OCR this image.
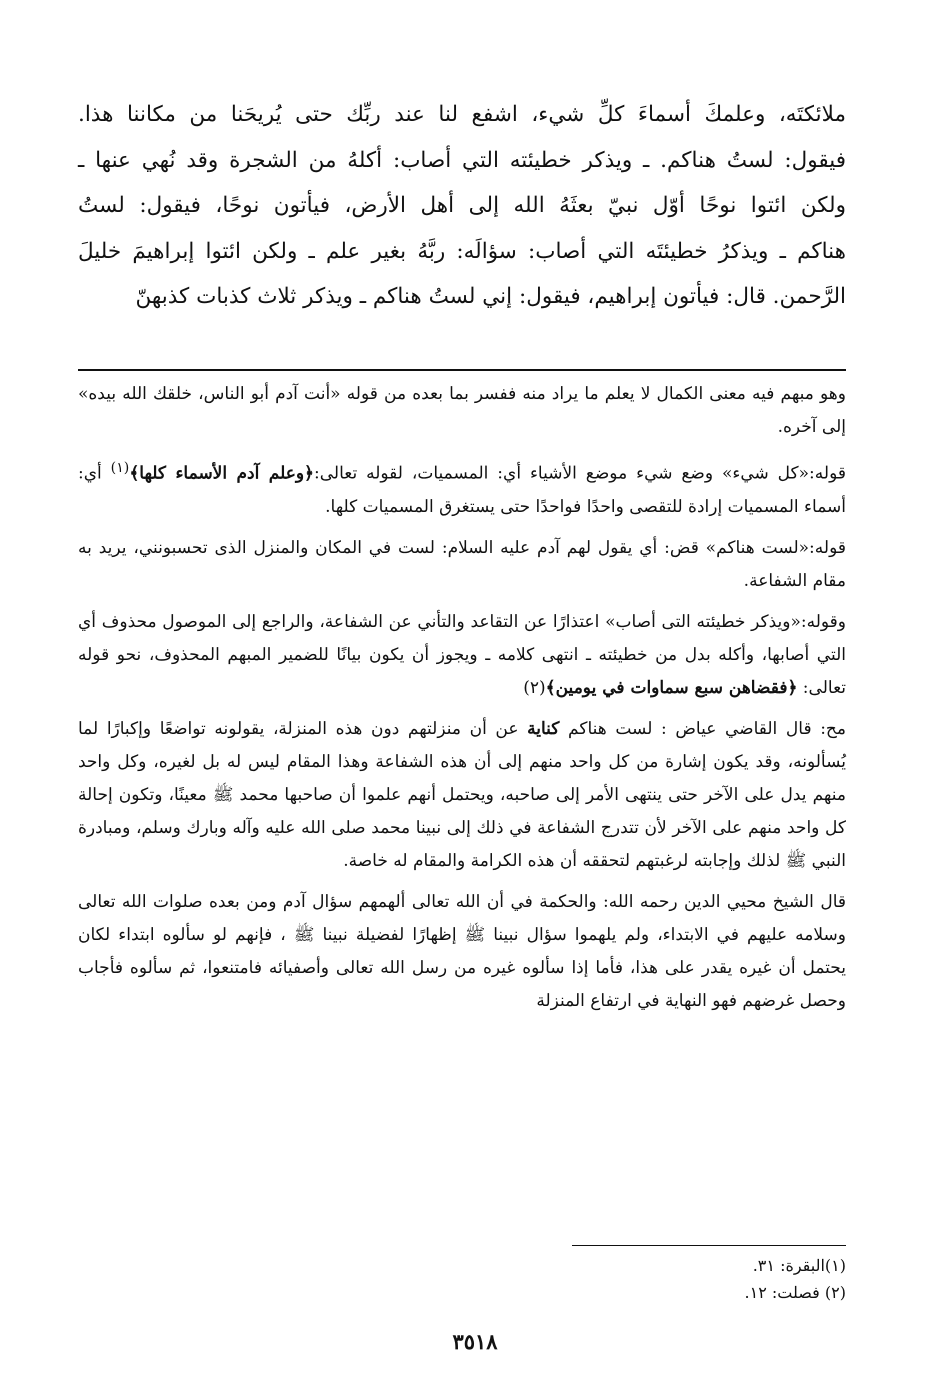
ملائكتَه، وعلمكَ أسماءَ كلِّ شيء، اشفع لنا عند ربِّك حتى يُريحَنا من مكاننا هذا.
فيقول: لستُ هناكم. ـ ويذكر خطيئته التي أصاب: أكلهُ من الشجرة وقد نُهي عنها ـ
ولكن ائتوا نوحًا أوّل نبيّ بعثَهُ الله إلى أهل الأرض، فيأتون نوحًا، فيقول: لستُ
هناكم ـ ويذكرُ خطيئتَه التي أصاب: سؤالَه: ربَّهُ بغير علم ـ ولكن ائتوا إبراهيمَ خليلَ
الرَّحمن. قال: فيأتون إبراهيم، فيقول: إني لستُ هناكم ـ ويذكر ثلاث كذبات كذبهنّ

وهو مبهم فيه معنى الكمال لا يعلم ما يراد منه ففسر بما بعده من قوله «أنت آدم أبو الناس، خلقك الله بيده» إلى آخره.

قوله:«كل شيء» وضع شيء موضع الأشياء أي: المسميات، لقوله تعالى:﴿وعلم آدم الأسماء كلها﴾$^{(١)}$ أي: أسماء المسميات إرادة للتقصى واحدًا فواحدًا حتى يستغرق المسميات كلها.

قوله:«لست هناكم» قض: أي يقول لهم آدم عليه السلام: لست في المكان والمنزل الذى تحسبونني، يريد به مقام الشفاعة.

وقوله:«ويذكر خطيئته التى أصاب» اعتذارًا عن التقاعد والتأني عن الشفاعة، والراجع إلى الموصول محذوف أي التي أصابها، وأكله بدل من خطيئته ـ انتهى كلامه ـ ويجوز أن يكون بيانًا للضمير المبهم المحذوف، نحو قوله تعالى: ﴿فقضاهن سبع سماوات في يومين﴾(٢)

مح: قال القاضي عياض : لست هناكم كناية عن أن منزلتهم دون هذه المنزلة، يقولونه تواضعًا وإكبارًا لما يُسألونه، وقد يكون إشارة من كل واحد منهم إلى أن هذه الشفاعة وهذا المقام ليس له بل لغيره، وكل واحد منهم يدل على الآخر حتى ينتهى الأمر إلى صاحبه، ويحتمل أنهم علموا أن صاحبها محمد ﷺ معينًا، وتكون إحالة كل واحد منهم على الآخر لأن تتدرج الشفاعة في ذلك إلى نبينا محمد صلى الله عليه وآله وبارك وسلم، ومبادرة النبي ﷺ لذلك وإجابته لرغبتهم لتحققه أن هذه الكرامة والمقام له خاصة.

قال الشيخ محيي الدين رحمه الله: والحكمة في أن الله تعالى ألهمهم سؤال آدم ومن بعده صلوات الله تعالى وسلامه عليهم في الابتداء، ولم يلهموا سؤال نبينا ﷺ إظهارًا لفضيلة نبينا ﷺ ، فإنهم لو سألوه ابتداء لكان يحتمل أن غيره يقدر على هذا، فأما إذا سألوه غيره من رسل الله تعالى وأصفيائه فامتنعوا، ثم سألوه فأجاب وحصل غرضهم فهو النهاية في ارتفاع المنزلة

(١)البقرة: ٣١.
(٢) فصلت: ١٢.
٣٥١٨
